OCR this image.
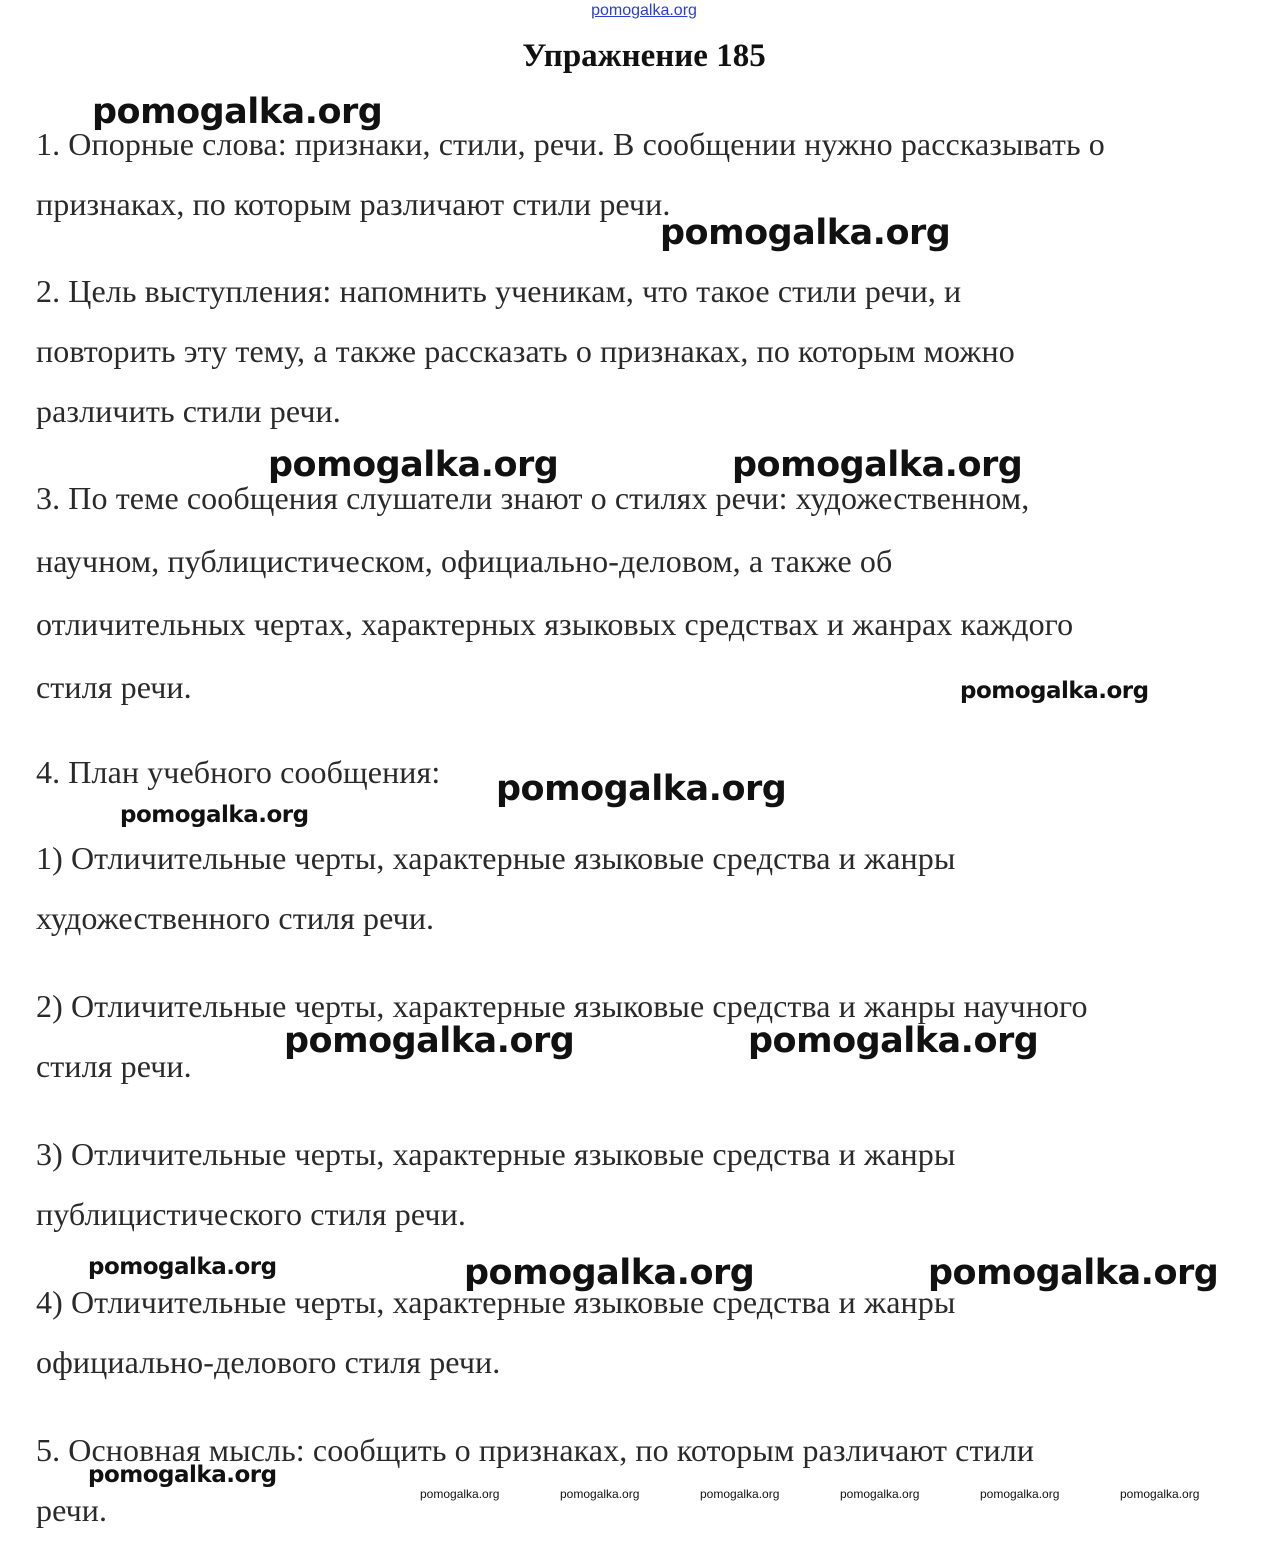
pomogalka.org
Упражнение 185
1. Опорные слова: признаки, стили, речи. В сообщении нужно рассказывать о
признаках, по которым различают стили речи.
2. Цель выступления: напомнить ученикам, что такое стили речи, и
повторить эту тему, а также рассказать о признаках, по которым можно
различить стили речи.
3. По теме сообщения слушатели знают о стилях речи: художественном,
научном, публицистическом, официально-деловом, а также об
отличительных чертах, характерных языковых средствах и жанрах каждого
стиля речи.
4. План учебного сообщения:
1) Отличительные черты, характерные языковые средства и жанры
художественного стиля речи.
2) Отличительные черты, характерные языковые средства и жанры научного
стиля речи.
3) Отличительные черты, характерные языковые средства и жанры
публицистического стиля речи.
4) Отличительные черты, характерные языковые средства и жанры
официально-делового стиля речи.
5. Основная мысль: сообщить о признаках, по которым различают стили
речи.
pomogalka.org
pomogalka.org
pomogalka.org	pomogalka.org
pomogalka.org
pomogalka.org
pomogalka.org
pomogalka.org	pomogalka.org
pomogalka.org	pomogalka.org	pomogalka.org
pomogalka.org
pomogalka.org	pomogalka.org	pomogalka.org	pomogalka.org	pomogalka.org	pomogalka.org
